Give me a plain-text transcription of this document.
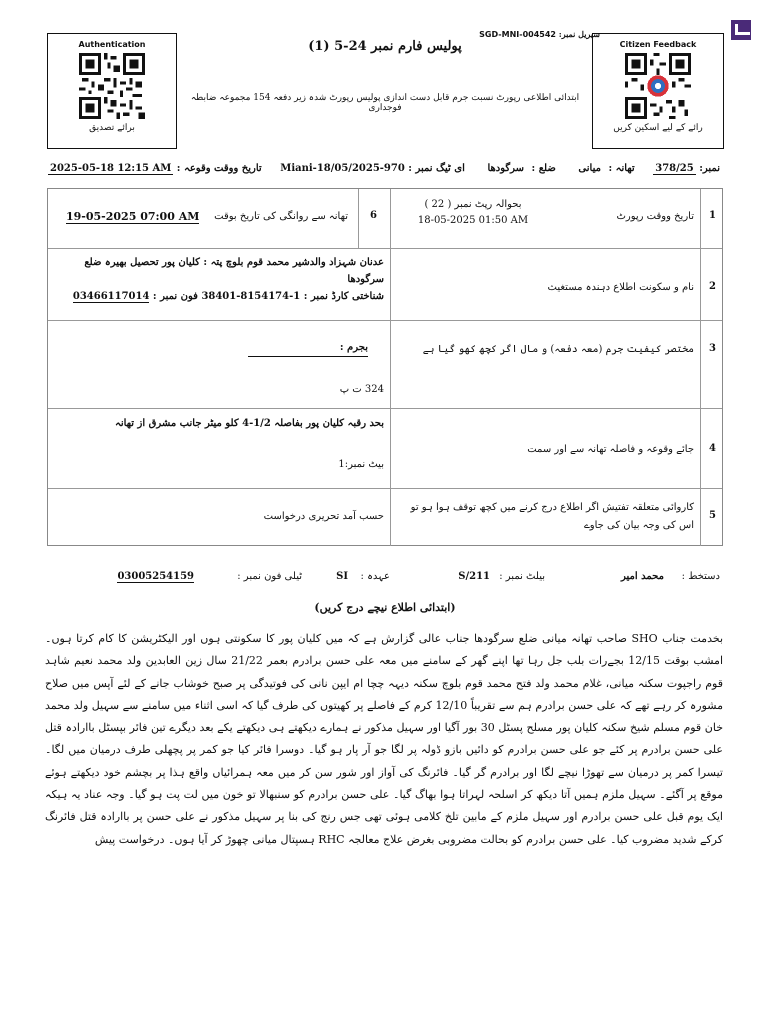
Authentication
برائے تصدیق
سیریل نمبر: SGD-MNI-004542
Citizen Feedback
رائے کے لیے اسکین کریں
پولیس فارم نمبر 24-5 (1)
ابتدائی اطلاعی رپورٹ نسبت جرم قابل دست اندازی پولیس رپورٹ شدہ زیر دفعہ 154 مجموعہ ضابطہ فوجداری
نمبر: 378/25
تھانہ : میانی
ضلع : سرگودھا
ای ٹیگ نمبر : Miani-18/05/2025-970
تاریخ ووقت وقوعہ : 2025-05-18 12:15 AM
1
تاریخ ووقت رپورٹ
بحوالہ رپٹ نمبر ( 22 )
18-05-2025 01:50 AM
6
تھانہ سے روانگی کی تاریخ بوقت
19-05-2025 07:00 AM
2
نام و سکونت اطلاع دہندہ مستغیث
عدنان شہزاد والدشیر محمد قوم بلوچ پتہ : کلیان پور تحصیل بھیرہ ضلع
سرگودھا
شناختی کارڈ نمبر : 38401-8154174-1 فون نمبر : 03466117014
3
مختصر کیفیت جرم (معہ دفعہ) و مال اگر کچھ کھو گیا ہے
بجرم :
324 ت پ
4
جائے وقوعہ و فاصلہ تھانہ سے اور سمت
بحد رقبہ کلیان پور بفاصلہ 1/2-4 کلو میٹر جانب مشرق از تھانہ
بیٹ نمبر:1
5
کاروائی متعلقہ تفتیش اگر اطلاع درج کرنے میں کچھ توقف ہوا ہو تو اس کی وجہ بیان کی جاوے
حسب آمد تحریری درخواست
دستخط :
محمد امیر
بیلٹ نمبر :
S/211
عہدہ :
SI
ٹیلی فون نمبر :
03005254159
(ابتدائی اطلاع نیچے درج کریں)
بخدمت جناب SHO صاحب تھانہ میانی ضلع سرگودھا جناب عالی گزارش ہے کہ میں کلیان پور کا سکونتی ہوں اور الیکٹریشن کا کام کرتا ہوں۔ امشب بوقت 12/15 بجےرات بلب جل رہا تھا اپنے گھر کے سامنے میں معہ علی حسن برادرم بعمر 21/22 سال زین العابدین ولد محمد نعیم شاہد قوم راجپوت سکنہ میانی، غلام محمد ولد فتح محمد قوم بلوچ سکنہ دیہہ چچا ام ایپن نانی کی فوتیدگی پر صبح خوشاب جانے کے لئے آپس میں صلاح مشورہ کر رہے تھے کہ علی حسن برادرم ہم سے تقریباً 12/10 کرم کے فاصلے پر کھیتوں کی طرف گیا کہ اسی اثناء میں سامنے سے سہیل ولد محمد خان قوم مسلم شیخ سکنہ کلیان پور مسلح پسٹل 30 بور آگیا اور سہیل مذکور نے ہمارے دیکھتے ہی دیکھتے یکے بعد دیگرے تین فائر بپسٹل باارادہ قتل علی حسن برادرم پر کئے جو علی حسن برادرم کو دائیں بازو ڈولہ پر لگا جو آر پار ہو گیا۔ دوسرا فائر کیا جو کمر پر پچھلی طرف درمیان میں لگا۔ تیسرا کمر پر درمیان سے تھوڑا نیچے لگا اور برادرم گر گیا۔ فائرنگ کی آواز اور شور سن کر میں معہ ہمرائیاں واقع ہذا پر بچشم خود دیکھتے ہوئے موقع پر آگئے۔ سہیل ملزم ہمیں آتا دیکھ کر اسلحہ لہراتا ہوا بھاگ گیا۔ علی حسن برادرم کو سنبھالا تو خون میں لت پت ہو گیا۔ وجہ عناد یہ ہیکہ ایک یوم قبل علی حسن برادرم اور سہیل ملزم کے مابین تلخ کلامی ہوئی تھی جس رنج کی بنا پر سہیل مذکور نے علی حسن پر باارادہ قتل فائرنگ کرکے شدید مضروب کیا۔ علی حسن برادرم کو بحالت مضروبی بغرض علاج معالجہ RHC ہسپتال میانی چھوڑ کر آیا ہوں۔ درخواست پیش
